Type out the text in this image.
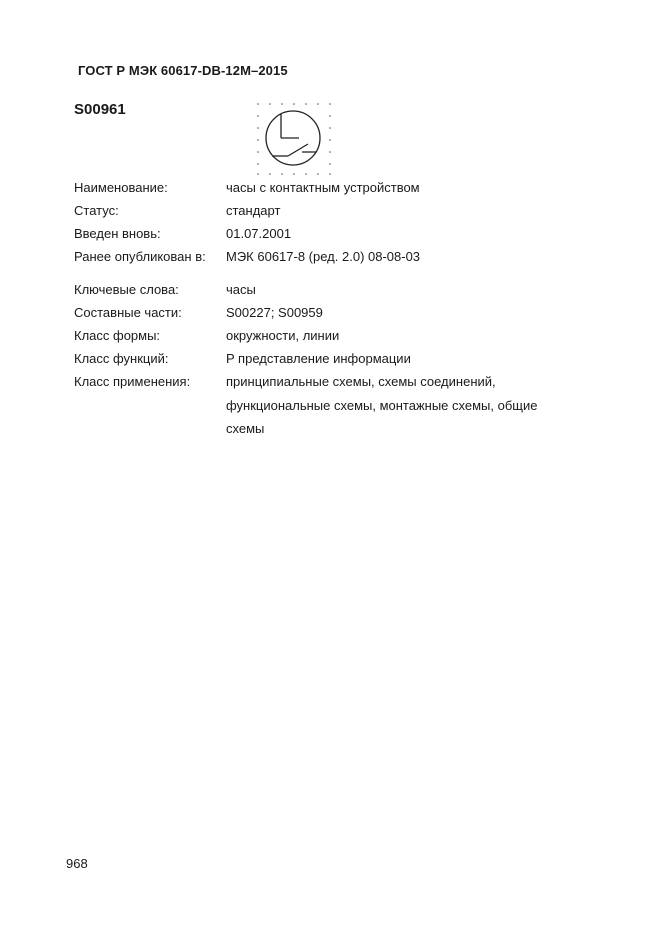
ГОСТ Р МЭК 60617-DB-12M–2015
S00961
Наименование:	часы с контактным устройством
Статус:	стандарт
Введен вновь:	01.07.2001
Ранее опубликован в: МЭК 60617-8 (ред. 2.0) 08-08-03
Ключевые слова:	часы
Составные части:	S00227; S00959
Класс формы:	окружности, линии
Класс функций:	P представление информации
Класс применения:	принципиальные схемы, схемы соединений,
функциональные схемы, монтажные схемы, общие
схемы
968
